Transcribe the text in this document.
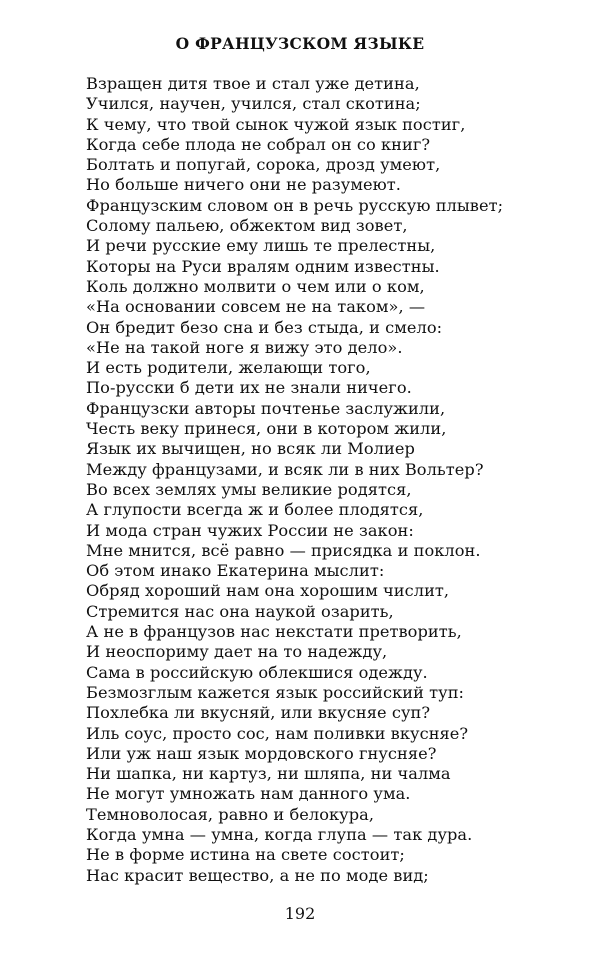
О ФРАНЦУЗСКОМ ЯЗЫКЕ
Взращен дитя твое и стал уже детина,
Учился, научен, учился, стал скотина;
К чему, что твой сынок чужой язык постиг,
Когда себе плода не собрал он со книг?
Болтать и попугай, сорока, дрозд умеют,
Но больше ничего они не разумеют.
Французским словом он в речь русскую плывет;
Солому пальею, обжектом вид зовет,
И речи русские ему лишь те прелестны,
Которы на Руси вралям одним известны.
Коль должно молвити о чем или о ком,
«На основании совсем не на таком», —
Он бредит безо сна и без стыда, и смело:
«Не на такой ноге я вижу это дело».
И есть родители, желающи того,
По-русски б дети их не знали ничего.
Французски авторы почтенье заслужили,
Честь веку принеся, они в котором жили,
Язык их вычищен, но всяк ли Молиер
Между французами, и всяк ли в них Вольтер?
Во всех землях умы великие родятся,
А глупости всегда ж и более плодятся,
И мода стран чужих России не закон:
Мне мнится, всё равно — присядка и поклон.
Об этом инако Екатерина мыслит:
Обряд хороший нам она хорошим числит,
Стремится нас она наукой озарить,
А не в французов нас некстати претворить,
И неоспориму дает на то надежду,
Сама в российскую облекшися одежду.
Безмозглым кажется язык российский туп:
Похлебка ли вкусняй, или вкусняе суп?
Иль соус, просто сос, нам поливки вкусняе?
Или уж наш язык мордовского гнусняе?
Ни шапка, ни картуз, ни шляпа, ни чалма
Не могут умножать нам данного ума.
Темноволосая, равно и белокура,
Когда умна — умна, когда глупа — так дура.
Не в форме истина на свете состоит;
Нас красит вещество, а не по моде вид;
192
